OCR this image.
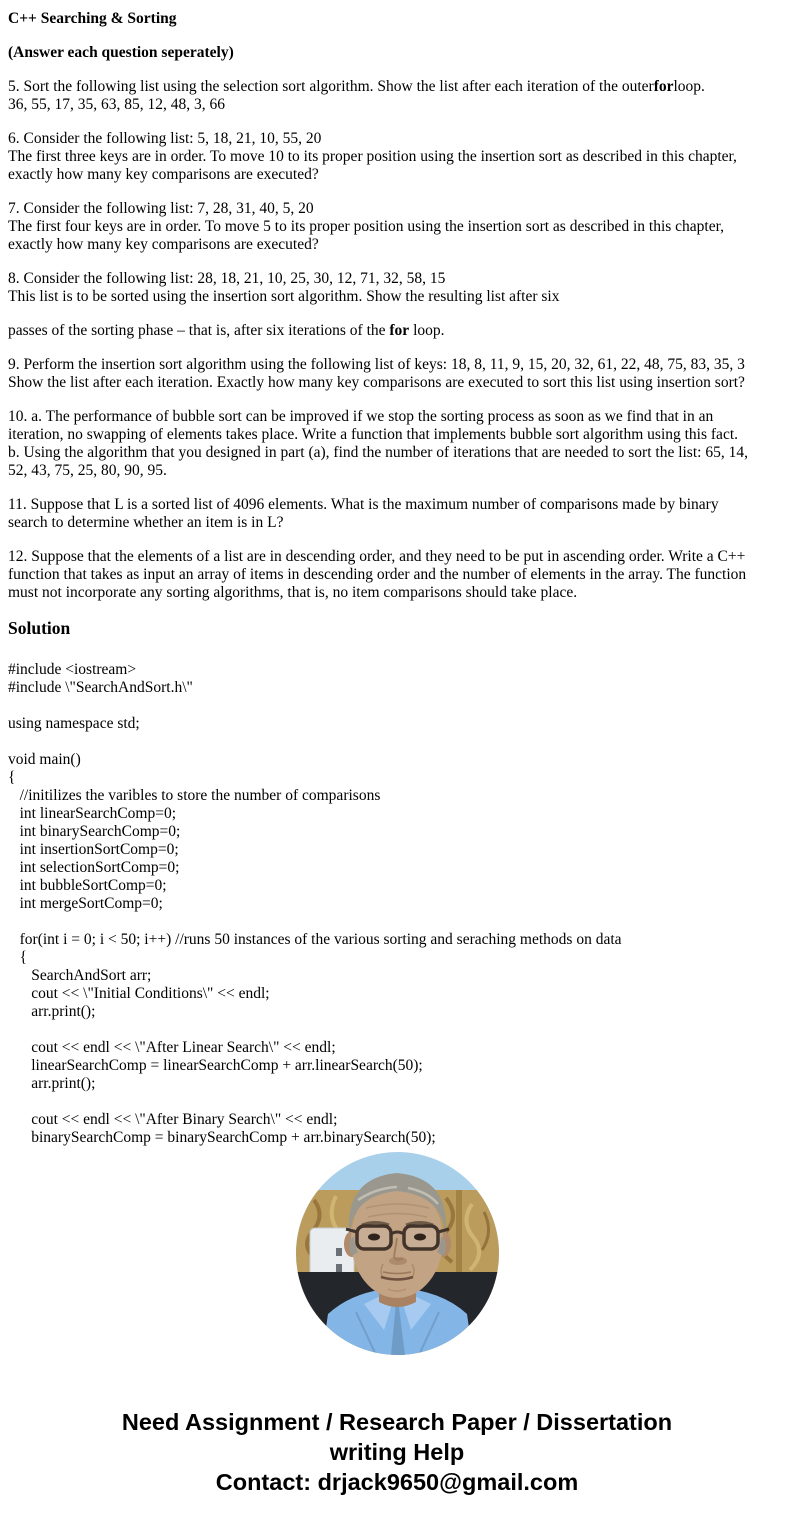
C++ Searching & Sorting
(Answer each question seperately)
5. Sort the following list using the selection sort algorithm. Show the list after each iteration of the outerforloop.
36, 55, 17, 35, 63, 85, 12, 48, 3, 66
6. Consider the following list: 5, 18, 21, 10, 55, 20
The first three keys are in order. To move 10 to its proper position using the insertion sort as described in this chapter,
exactly how many key comparisons are executed?
7. Consider the following list: 7, 28, 31, 40, 5, 20
The first four keys are in order. To move 5 to its proper position using the insertion sort as described in this chapter,
exactly how many key comparisons are executed?
8. Consider the following list: 28, 18, 21, 10, 25, 30, 12, 71, 32, 58, 15
This list is to be sorted using the insertion sort algorithm. Show the resulting list after six
passes of the sorting phase – that is, after six iterations of the for loop.
9. Perform the insertion sort algorithm using the following list of keys: 18, 8, 11, 9, 15, 20, 32, 61, 22, 48, 75, 83, 35, 3
Show the list after each iteration. Exactly how many key comparisons are executed to sort this list using insertion sort?
10. a. The performance of bubble sort can be improved if we stop the sorting process as soon as we find that in an
iteration, no swapping of elements takes place. Write a function that implements bubble sort algorithm using this fact.
b. Using the algorithm that you designed in part (a), find the number of iterations that are needed to sort the list: 65, 14,
52, 43, 75, 25, 80, 90, 95.
11. Suppose that L is a sorted list of 4096 elements. What is the maximum number of comparisons made by binary
search to determine whether an item is in L?
12. Suppose that the elements of a list are in descending order, and they need to be put in ascending order. Write a C++
function that takes as input an array of items in descending order and the number of elements in the array. The function
must not incorporate any sorting algorithms, that is, no item comparisons should take place.
Solution
#include <iostream>
#include \"SearchAndSort.h\"
using namespace std;
void main()
{
//initilizes the varibles to store the number of comparisons
int linearSearchComp=0;
int binarySearchComp=0;
int insertionSortComp=0;
int selectionSortComp=0;
int bubbleSortComp=0;
int mergeSortComp=0;
for(int i = 0; i < 50; i++) //runs 50 instances of the various sorting and seraching methods on data
{
SearchAndSort arr;
cout << \"Initial Conditions\" << endl;
arr.print();
cout << endl << \"After Linear Search\" << endl;
linearSearchComp = linearSearchComp + arr.linearSearch(50);
arr.print();
cout << endl << \"After Binary Search\" << endl;
binarySearchComp = binarySearchComp + arr.binarySearch(50);
Need Assignment / Research Paper / Dissertation
writing Help
Contact: drjack9650@gmail.com
